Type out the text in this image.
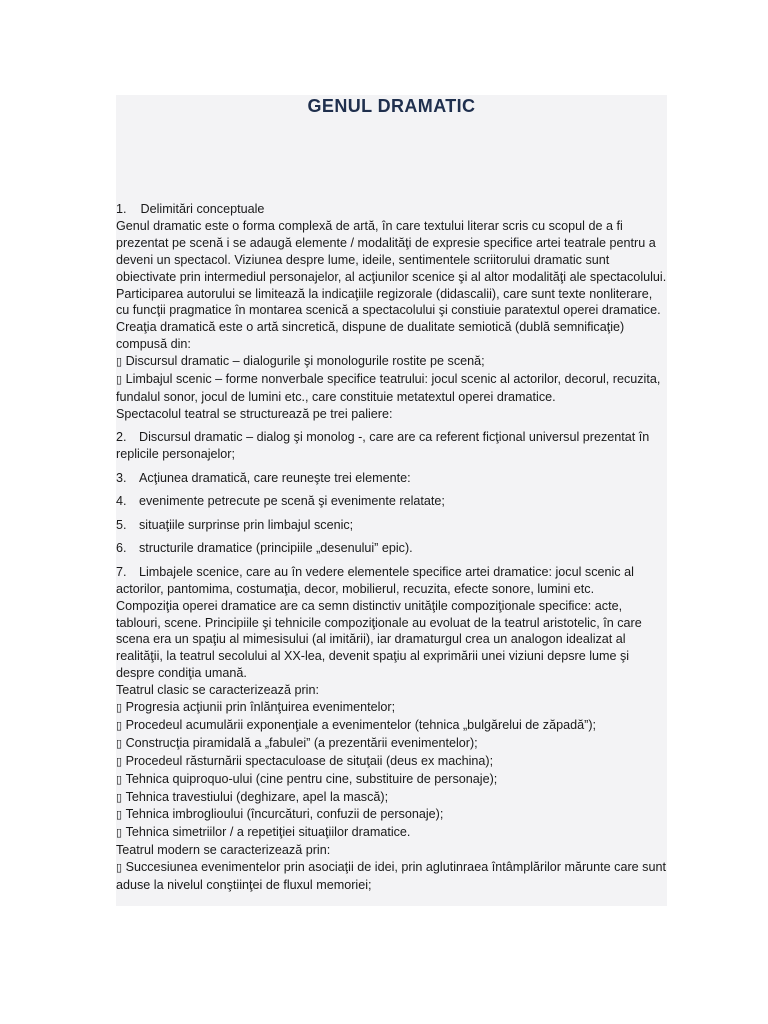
GENUL DRAMATIC

1.    Delimitări conceptuale

Genul dramatic este o forma complexă de artă, în care textului literar scris cu scopul de a fi prezentat pe scenă i se adaugă elemente / modalităţi de expresie specifice artei teatrale pentru a deveni un spectacol. Viziunea despre lume, ideile, sentimentele scriitorului dramatic sunt obiectivate prin intermediul personajelor, al acţiunilor scenice şi al altor modalităţi ale spectacolului. Participarea autorului se limitează la indicaţiile regizorale (didascalii), care sunt texte nonliterare, cu funcţii pragmatice în montarea scenică a spectacolului şi constiuie paratextul operei dramatice.

Creaţia dramatică este o artă sincretică, dispune de dualitate semiotică (dublă semnificaţie) compusă din:

▯ Discursul dramatic – dialogurile şi monologurile rostite pe scenă;

▯ Limbajul scenic – forme nonverbale specifice teatrului: jocul scenic al actorilor, decorul, recuzita, fundalul sonor, jocul de lumini etc., care constituie metatextul operei dramatice.

Spectacolul teatral se structurează pe trei paliere:

2. Discursul dramatic – dialog şi monolog -, care are ca referent ficţional universul prezentat în replicile personajelor;

3. Acţiunea dramatică, care reuneşte trei elemente:

4. evenimente petrecute pe scenă şi evenimente relatate;

5. situaţiile surprinse prin limbajul scenic;

6. structurile dramatice (principiile „desenului” epic).

7. Limbajele scenice, care au în vedere elementele specifice artei dramatice: jocul scenic al actorilor, pantomima, costumaţia, decor, mobilierul, recuzita, efecte sonore, lumini etc.

Compoziţia operei dramatice are ca semn distinctiv unităţile compoziţionale specifice: acte, tablouri, scene. Principiile şi tehnicile compoziţionale au evoluat de la teatrul aristotelic, în care scena era un spaţiu al mimesisului (al imitării), iar dramaturgul crea un analogon idealizat al realităţii, la teatrul secolului al XX-lea, devenit spaţiu al exprimării unei viziuni depsre lume şi despre condiţia umană.

Teatrul clasic se caracterizează prin:

▯ Progresia acţiunii prin înlănţuirea evenimentelor;

▯ Procedeul acumulării exponenţiale a evenimentelor (tehnica „bulgărelui de zăpadă”);

▯ Construcţia piramidală a „fabulei” (a prezentării evenimentelor);

▯ Procedeul răsturnării spectaculoase de situţaii (deus ex machina);

▯ Tehnica quiproquo-ului (cine pentru cine, substituire de personaje);

▯ Tehnica travestiului (deghizare, apel la mască);

▯ Tehnica imbroglioului (încurcături, confuzii de personaje);

▯ Tehnica simetriilor / a repetiţiei situaţiilor dramatice.

Teatrul modern se caracterizează prin:

▯ Succesiunea evenimentelor prin asociaţii de idei, prin aglutinraea întâmplărilor mărunte care sunt aduse la nivelul conştiinţei de fluxul memoriei;
